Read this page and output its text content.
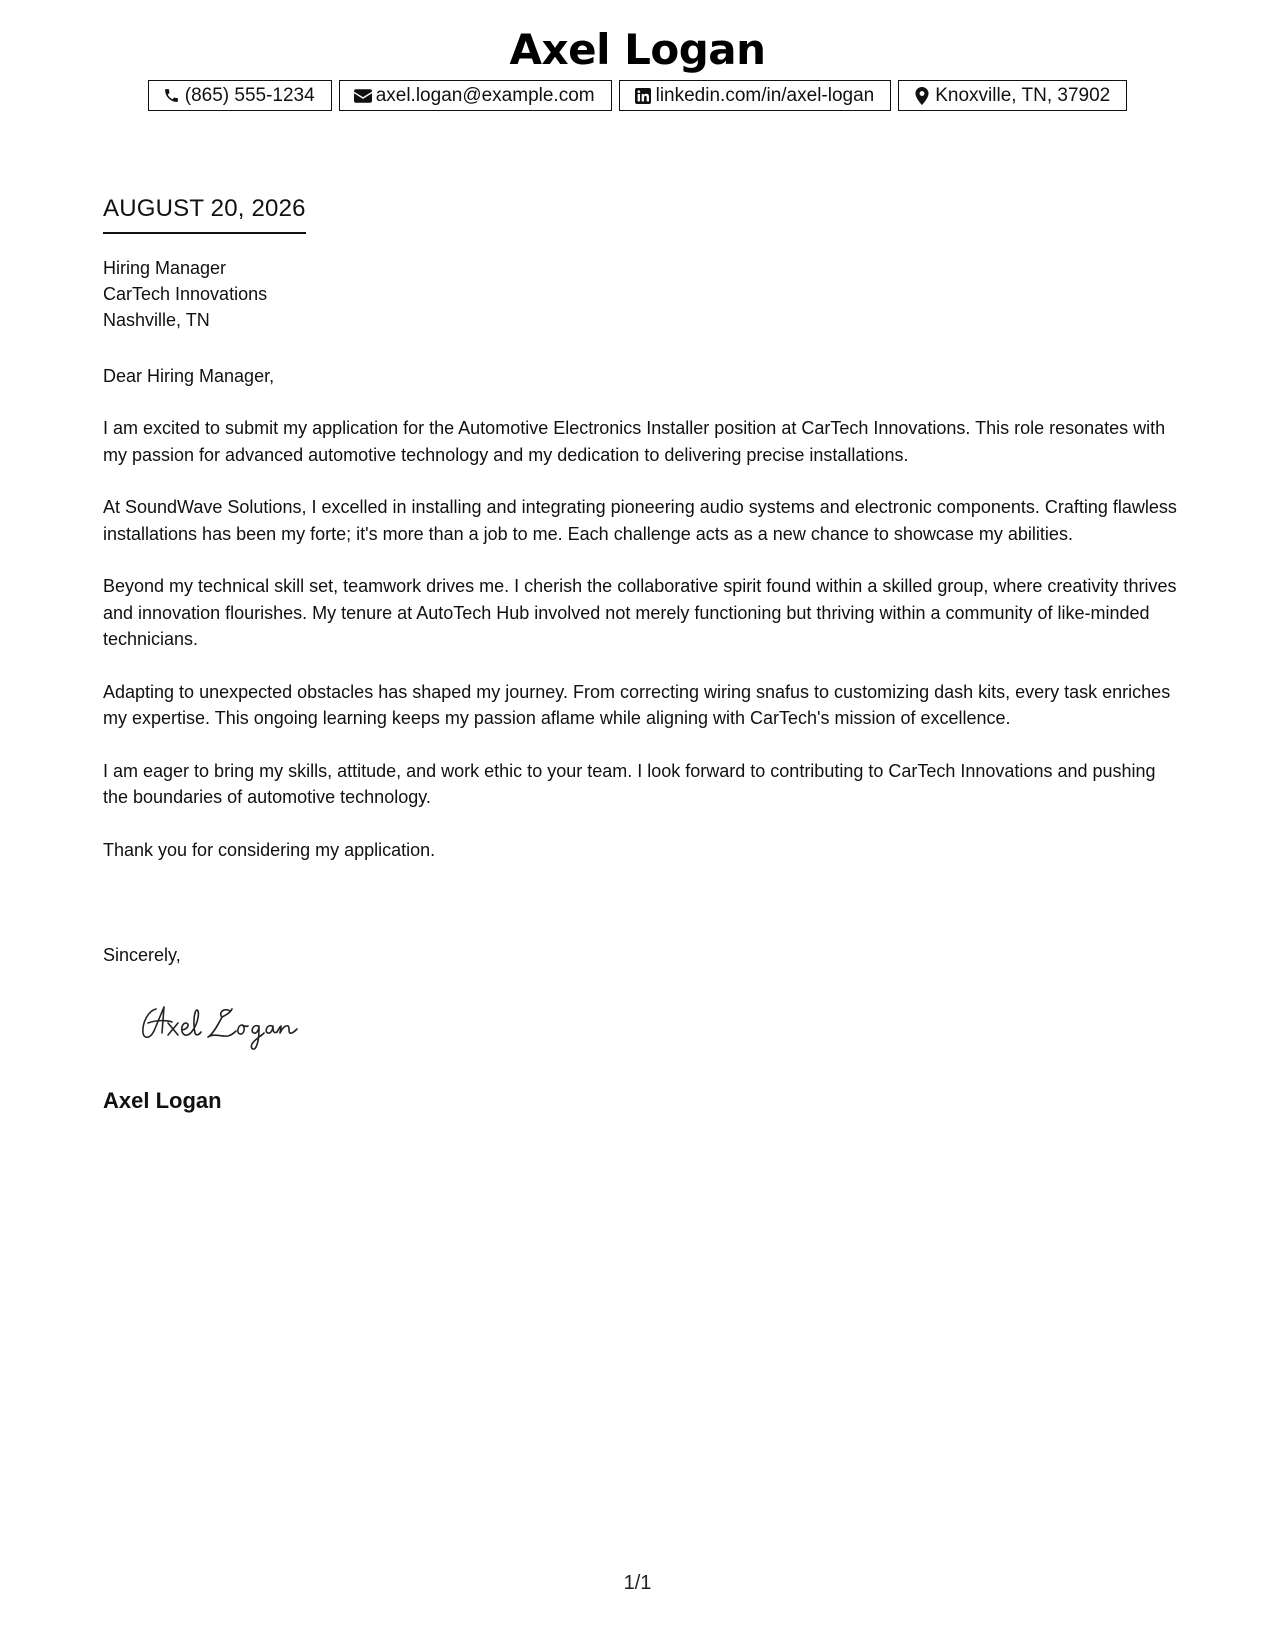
Axel Logan
(865) 555-1234	axel.logan@example.com	linkedin.com/in/axel-logan	Knoxville, TN, 37902
AUGUST 20, 2026
Hiring Manager
CarTech Innovations
Nashville, TN
Dear Hiring Manager,

I am excited to submit my application for the Automotive Electronics Installer position at CarTech Innovations. This role resonates with my passion for advanced automotive technology and my dedication to delivering precise installations.

At SoundWave Solutions, I excelled in installing and integrating pioneering audio systems and electronic components. Crafting flawless installations has been my forte; it's more than a job to me. Each challenge acts as a new chance to showcase my abilities.

Beyond my technical skill set, teamwork drives me. I cherish the collaborative spirit found within a skilled group, where creativity thrives and innovation flourishes. My tenure at AutoTech Hub involved not merely functioning but thriving within a community of like-minded technicians.

Adapting to unexpected obstacles has shaped my journey. From correcting wiring snafus to customizing dash kits, every task enriches my expertise. This ongoing learning keeps my passion aflame while aligning with CarTech's mission of excellence.

I am eager to bring my skills, attitude, and work ethic to your team. I look forward to contributing to CarTech Innovations and pushing the boundaries of automotive technology.

Thank you for considering my application.

Sincerely,
Axel Logan
1/1
